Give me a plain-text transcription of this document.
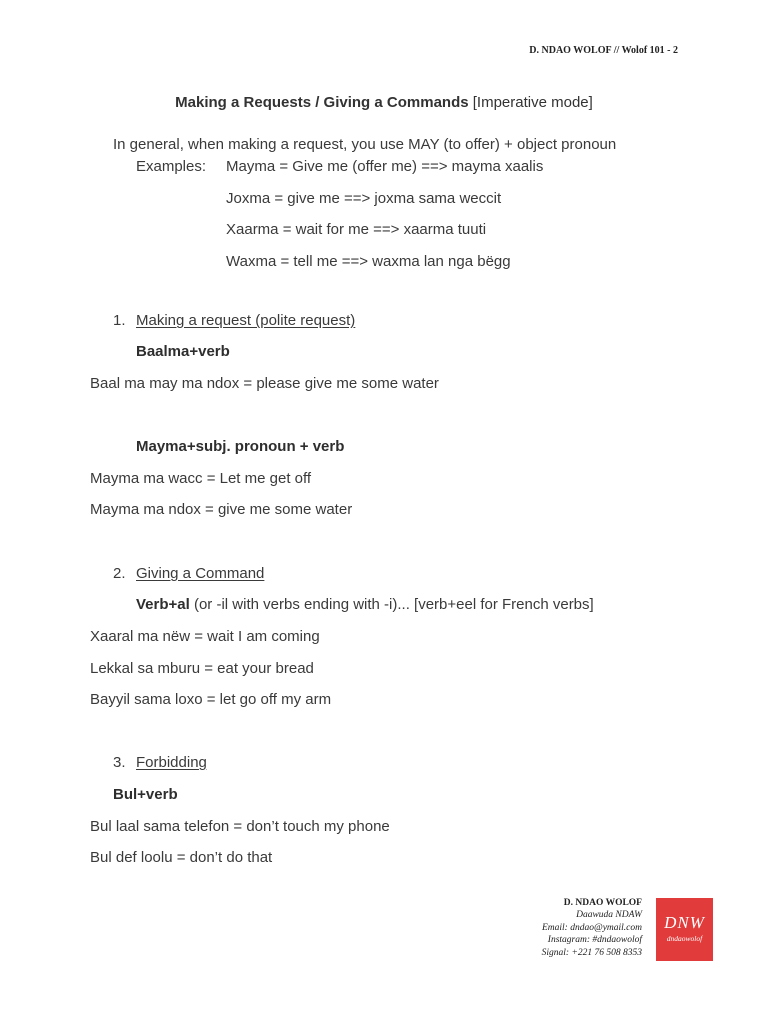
D. NDAO WOLOF // Wolof 101 - 2
Making a Requests / Giving a Commands [Imperative mode]
In general, when making a request, you use MAY (to offer) + object pronoun
Examples: Mayma = Give me (offer me) ==> mayma xaalis
Joxma = give me ==> joxma sama weccit
Xaarma = wait for me ==> xaarma tuuti
Waxma = tell me ==> waxma lan nga bëgg
1. Making a request (polite request)
Baalma+verb
Baal ma may ma ndox = please give me some water
Mayma+subj. pronoun + verb
Mayma ma wacc = Let me get off
Mayma ma ndox = give me some water
2. Giving a Command
Verb+al (or -il with verbs ending with -i)... [verb+eel for French verbs]
Xaaral ma nëw = wait I am coming
Lekkal sa mburu = eat your bread
Bayyil sama loxo = let go off my arm
3. Forbidding
Bul+verb
Bul laal sama telefon = don’t touch my phone
Bul def loolu = don’t do that
D. NDAO WOLOF
Daawuda NDAW
Email: dndao@ymail.com
Instagram: #dndaowolof
Signal: +221 76 508 8353
DNW
dndaowolof
